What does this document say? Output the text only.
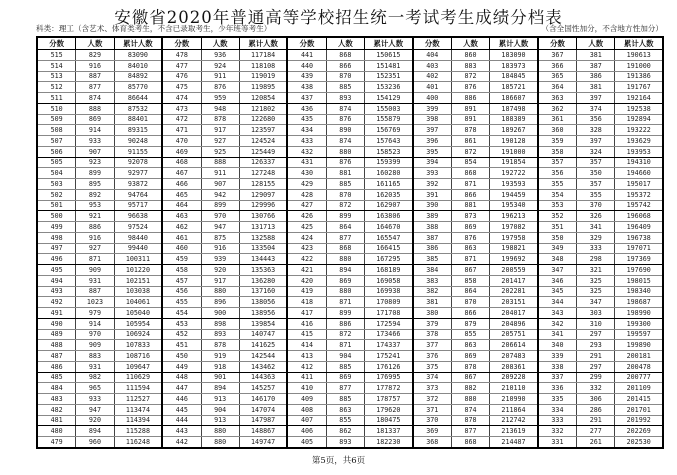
安徽省2020年普通高等学校招生统一考试考生成绩分档表
科类：理工（含艺术、体育类考生，不含已录取考生，少年班等考生）	（含全国性加分，不含地方性加分）
分数	人数	累计人数
515	829	83090
514	916	84010
513	887	84892
512	877	85770
511	874	86644
510	888	87532
509	869	88401
508	914	89315
507	933	90248
506	907	91155
505	923	92078
504	899	92977
503	895	93872
502	892	94764
501	953	95717
500	921	96638
499	886	97524
498	916	98440
497	927	99440
496	871	100311
495	909	101220
494	931	102151
493	887	103038
492	1023	104061
491	979	105040
490	914	105954
489	970	106924
488	909	107833
487	883	108716
486	931	109647
485	982	110629
484	965	111594
483	933	112527
482	947	113474
481	920	114394
480	894	115288
479	960	116248
分数	人数	累计人数
478	936	117184
477	924	118108
476	911	119019
475	876	119895
474	959	120854
473	948	121802
472	878	122680
471	917	123597
470	927	124524
469	925	125449
468	888	126337
467	911	127248
466	907	128155
465	942	129097
464	899	129996
463	970	130766
462	947	131713
461	875	132588
460	916	133504
459	939	134443
458	920	135363
457	917	136280
456	880	137160
455	896	138056
454	900	138956
453	898	139854
452	893	140747
451	878	141625
450	919	142544
449	918	143462
448	901	144363
447	894	145257
446	913	146170
445	904	147074
444	913	147987
443	880	148867
442	880	149747
分数	人数	累计人数
441	868	150615
440	866	151481
439	870	152351
438	885	153236
437	893	154129
436	874	155003
435	876	155879
434	890	156769
433	874	157643
432	880	158523
431	876	159399
430	881	160280
429	885	161165
428	870	162035
427	872	162907
426	899	163806
425	864	164670
424	877	165547
423	868	166415
422	880	167295
421	894	168189
420	869	169058
419	880	169938
418	871	170809
417	899	171708
416	886	172594
415	872	173466
414	871	174337
413	904	175241
412	885	176126
411	869	176995
410	877	177872
409	885	178757
408	863	179620
407	855	180475
406	862	181337
405	893	182230
分数	人数	累计人数
404	860	183090
403	883	183973
402	872	184845
401	876	185721
400	886	186607
399	891	187498
398	891	188389
397	878	189267
396	861	190128
395	872	191000
394	854	191854
393	868	192722
392	871	193593
391	866	194459
390	881	195340
389	873	196213
388	869	197082
387	876	197958
386	863	198821
385	871	199692
384	867	200559
383	858	201417
382	864	202281
381	870	203151
380	866	204017
379	879	204896
378	855	205751
377	863	206614
376	869	207483
375	878	208361
374	867	209228
373	882	210110
372	880	210990
371	874	211864
370	878	212742
369	877	213619
368	868	214487
分数	人数	累计人数
367	381	190613
366	387	191000
365	386	191386
364	381	191767
363	397	192164
362	374	192538
361	356	192894
360	328	193222
359	397	193629
358	324	193953
357	357	194310
356	350	194660
355	357	195017
354	355	195372
353	370	195742
352	326	196068
351	341	196409
350	329	196738
349	333	197071
348	298	197369
347	321	197690
346	325	198015
345	325	198340
344	347	198687
343	303	198990
342	310	199300
341	297	199597
340	293	199890
339	291	200181
338	297	200478
337	299	200777
336	332	201109
335	306	201415
334	286	201701
333	291	201992
332	277	202269
331	261	202530
第5页，共6页
